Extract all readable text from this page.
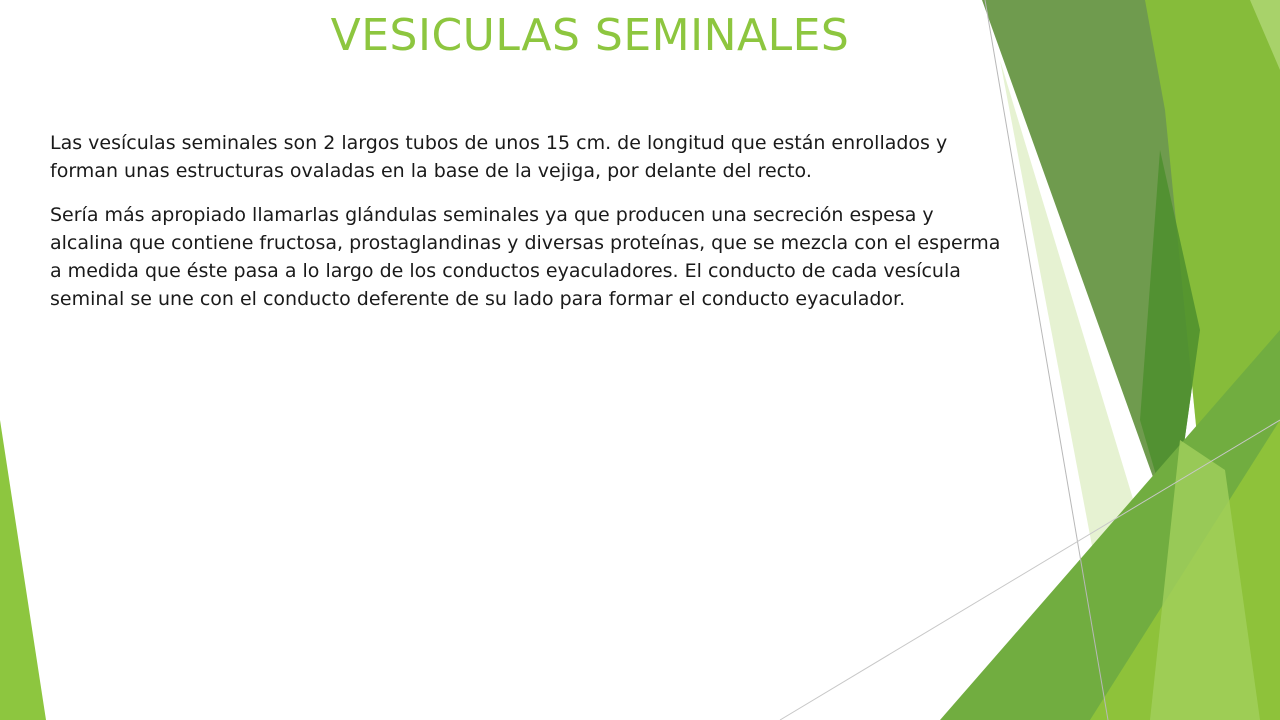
VESICULAS SEMINALES

Las vesículas seminales son 2 largos tubos de unos 15 cm. de longitud que están enrollados y forman unas estructuras ovaladas en la base de la vejiga, por delante del recto.

Sería más apropiado llamarlas glándulas seminales ya que producen una secreción espesa y alcalina que contiene fructosa, prostaglandinas y diversas proteínas, que se mezcla con el esperma a medida que éste pasa a lo largo de los conductos eyaculadores. El conducto de cada vesícula seminal se une con el conducto deferente de su lado para formar el conducto eyaculador.
